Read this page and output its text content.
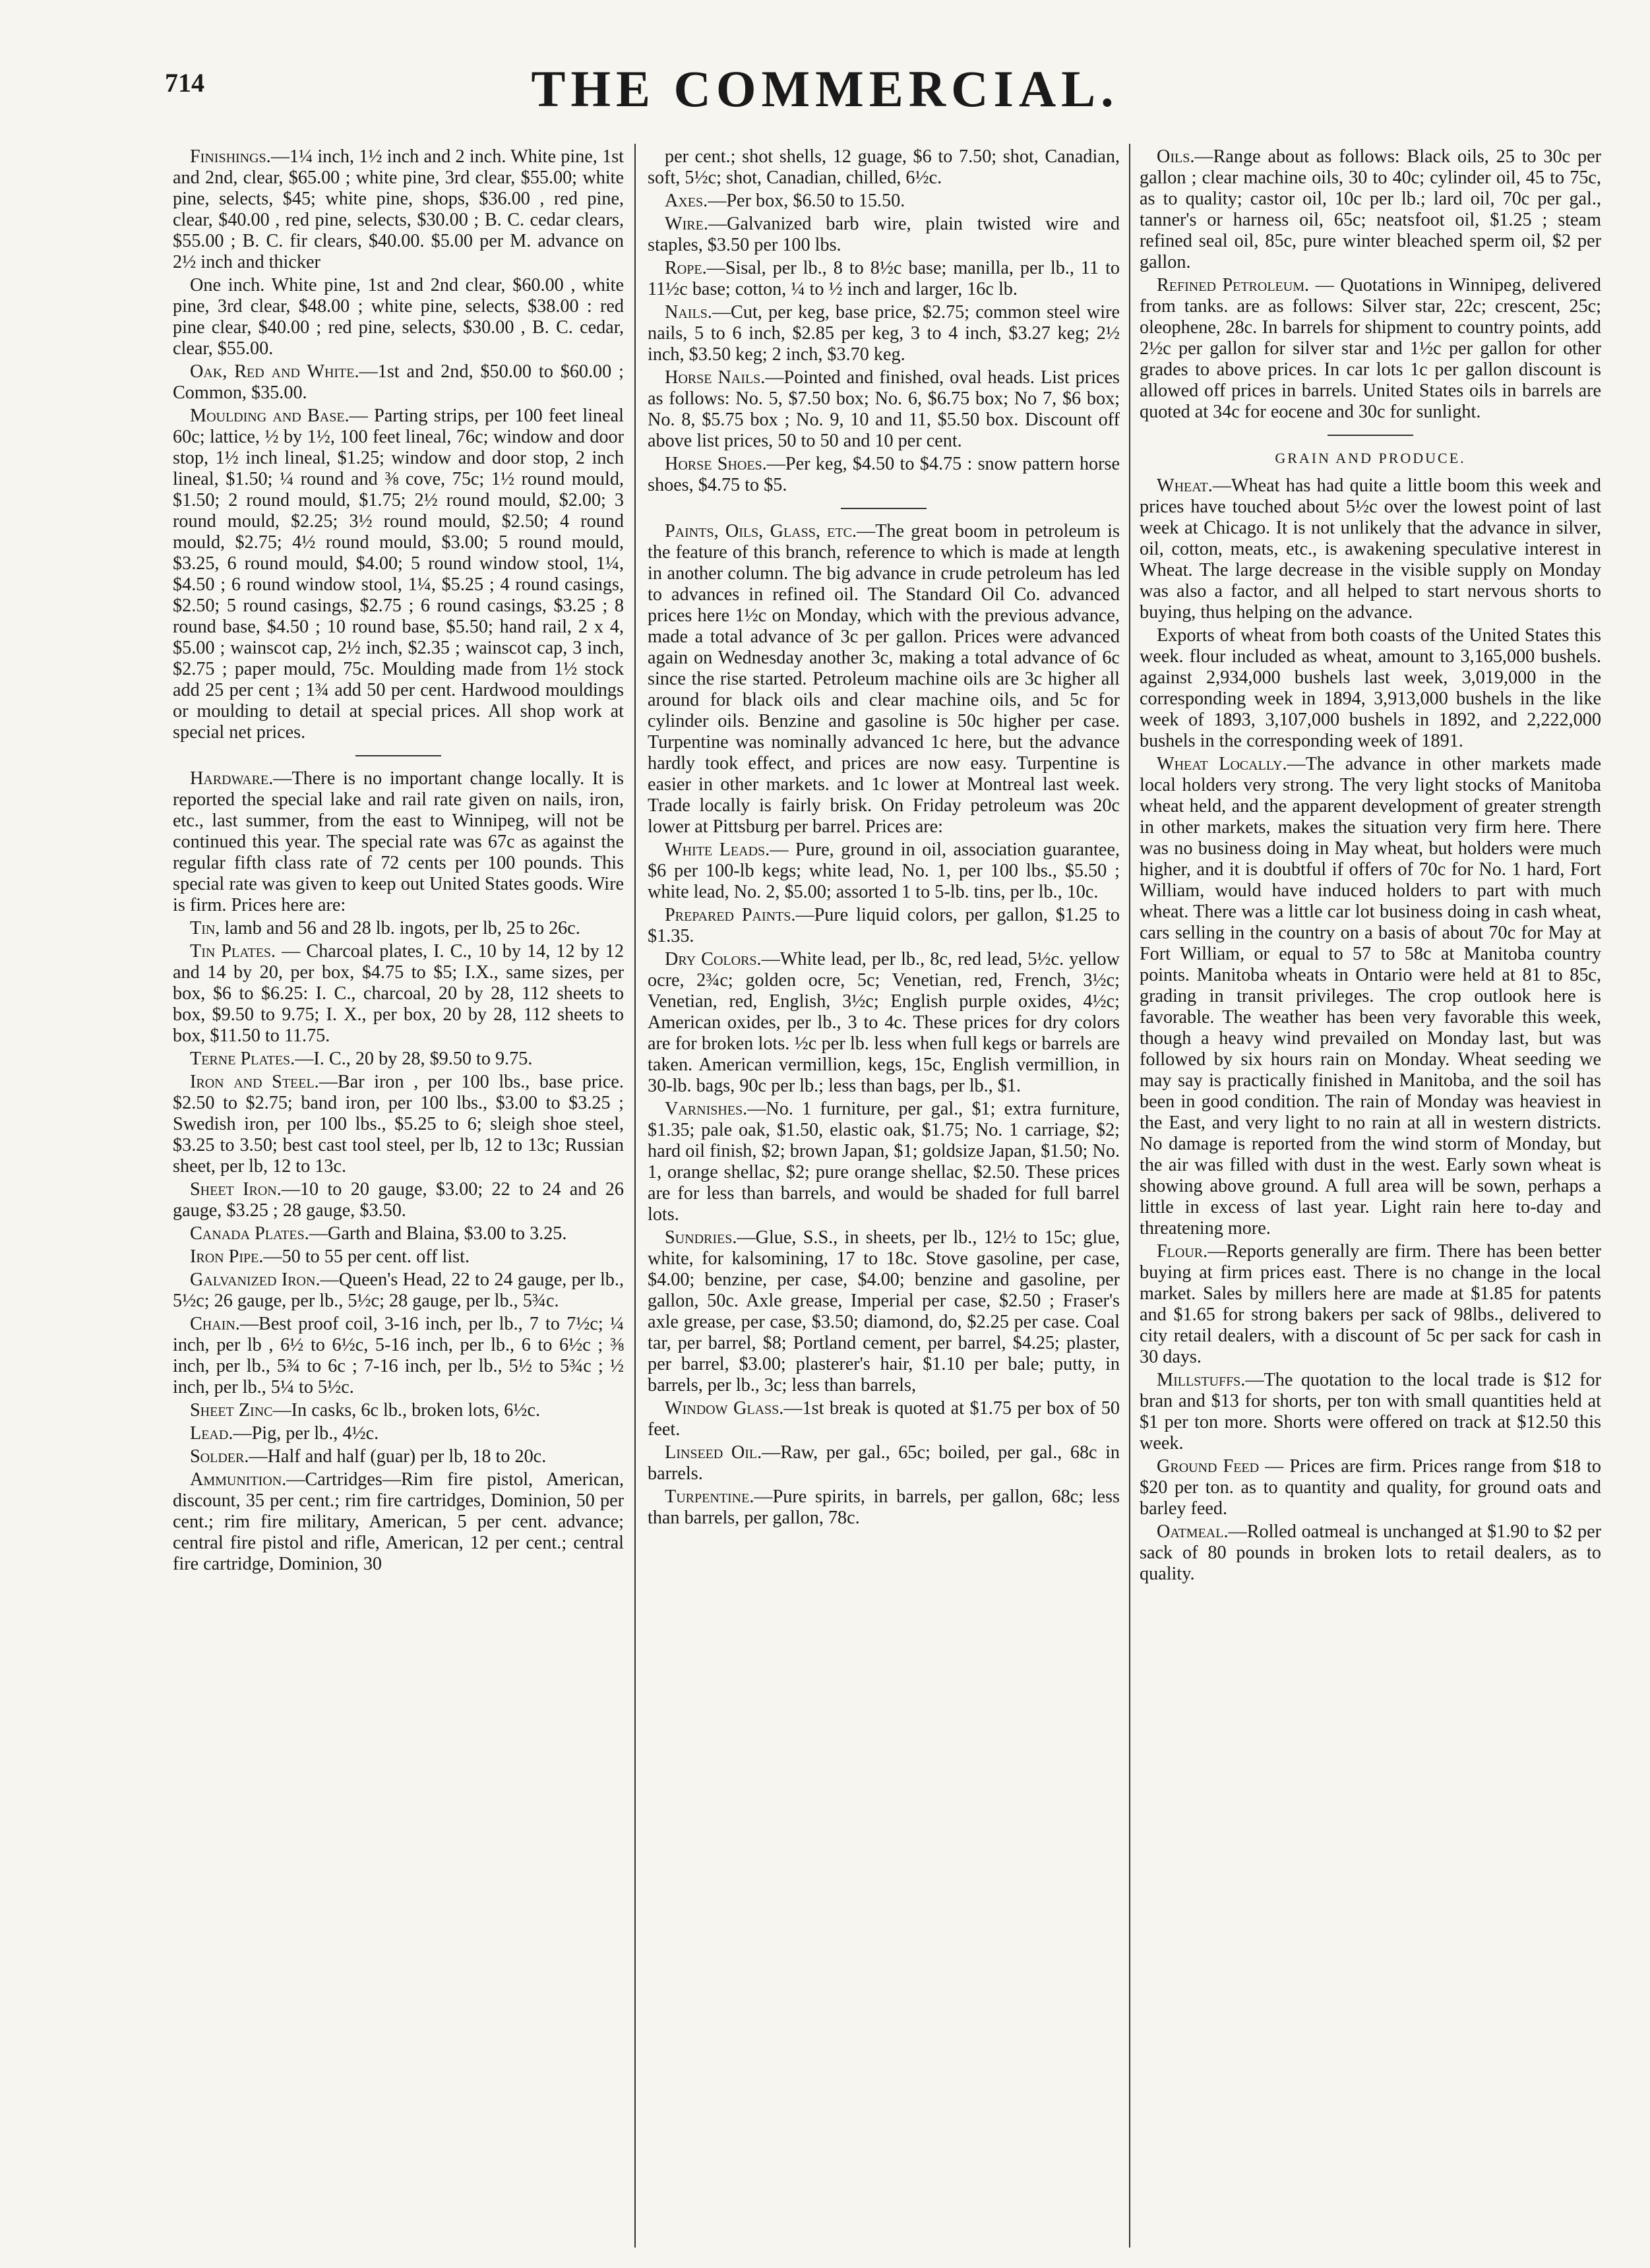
714	THE COMMERCIAL.

Finishings.—1¼ inch, 1½ inch and 2 inch. White pine, 1st and 2nd, clear, $65.00 ; white pine, 3rd clear, $55.00; white pine, selects, $45; white pine, shops, $36.00 , red pine, clear, $40.00 , red pine, selects, $30.00 ; B. C. cedar clears, $55.00 ; B. C. fir clears, $40.00. $5.00 per M. advance on 2½ inch and thicker

One inch. White pine, 1st and 2nd clear, $60.00 , white pine, 3rd clear, $48.00 ; white pine, selects, $38.00 : red pine clear, $40.00 ; red pine, selects, $30.00 , B. C. cedar, clear, $55.00.

Oak, Red and White.—1st and 2nd, $50.00 to $60.00 ; Common, $35.00.

Moulding and Base.— Parting strips, per 100 feet lineal 60c; lattice, ½ by 1½, 100 feet lineal, 76c; window and door stop, 1½ inch lineal, $1.25; window and door stop, 2 inch lineal, $1.50; ¼ round and ⅜ cove, 75c; 1½ round mould, $1.50; 2 round mould, $1.75; 2½ round mould, $2.00; 3 round mould, $2.25; 3½ round mould, $2.50; 4 round mould, $2.75; 4½ round mould, $3.00; 5 round mould, $3.25, 6 round mould, $4.00; 5 round window stool, 1¼, $4.50 ; 6 round window stool, 1¼, $5.25 ; 4 round casings, $2.50; 5 round casings, $2.75 ; 6 round casings, $3.25 ; 8 round base, $4.50 ; 10 round base, $5.50; hand rail, 2 x 4, $5.00 ; wainscot cap, 2½ inch, $2.35 ; wainscot cap, 3 inch, $2.75 ; paper mould, 75c. Moulding made from 1½ stock add 25 per cent ; 1¾ add 50 per cent. Hardwood mouldings or moulding to detail at special prices. All shop work at special net prices.

Hardware.—There is no important change locally. It is reported the special lake and rail rate given on nails, iron, etc., last summer, from the east to Winnipeg, will not be continued this year. The special rate was 67c as against the regular fifth class rate of 72 cents per 100 pounds. This special rate was given to keep out United States goods. Wire is firm. Prices here are:

Tin, lamb and 56 and 28 lb. ingots, per lb, 25 to 26c.

Tin Plates. — Charcoal plates, I. C., 10 by 14, 12 by 12 and 14 by 20, per box, $4.75 to $5; I.X., same sizes, per box, $6 to $6.25: I. C., charcoal, 20 by 28, 112 sheets to box, $9.50 to 9.75; I. X., per box, 20 by 28, 112 sheets to box, $11.50 to 11.75.

Terne Plates.—I. C., 20 by 28, $9.50 to 9.75.

Iron and Steel.—Bar iron , per 100 lbs., base price. $2.50 to $2.75; band iron, per 100 lbs., $3.00 to $3.25 ; Swedish iron, per 100 lbs., $5.25 to 6; sleigh shoe steel, $3.25 to 3.50; best cast tool steel, per lb, 12 to 13c; Russian sheet, per lb, 12 to 13c.

Sheet Iron.—10 to 20 gauge, $3.00; 22 to 24 and 26 gauge, $3.25 ; 28 gauge, $3.50.

Canada Plates.—Garth and Blaina, $3.00 to 3.25.

Iron Pipe.—50 to 55 per cent. off list.

Galvanized Iron.—Queen's Head, 22 to 24 gauge, per lb., 5½c; 26 gauge, per lb., 5½c; 28 gauge, per lb., 5¾c.

Chain.—Best proof coil, 3-16 inch, per lb., 7 to 7½c; ¼ inch, per lb , 6½ to 6½c, 5-16 inch, per lb., 6 to 6½c ; ⅜ inch, per lb., 5¾ to 6c ; 7-16 inch, per lb., 5½ to 5¾c ; ½ inch, per lb., 5¼ to 5½c.

Sheet Zinc—In casks, 6c lb., broken lots, 6½c.

Lead.—Pig, per lb., 4½c.

Solder.—Half and half (guar) per lb, 18 to 20c.

Ammunition.—Cartridges—Rim fire pistol, American, discount, 35 per cent.; rim fire cartridges, Dominion, 50 per cent.; rim fire military, American, 5 per cent. advance; central fire pistol and rifle, American, 12 per cent.; central fire cartridge, Dominion, 30

per cent.; shot shells, 12 guage, $6 to 7.50; shot, Canadian, soft, 5½c; shot, Canadian, chilled, 6½c.

Axes.—Per box, $6.50 to 15.50.

Wire.—Galvanized barb wire, plain twisted wire and staples, $3.50 per 100 lbs.

Rope.—Sisal, per lb., 8 to 8½c base; manilla, per lb., 11 to 11½c base; cotton, ¼ to ½ inch and larger, 16c lb.

Nails.—Cut, per keg, base price, $2.75; common steel wire nails, 5 to 6 inch, $2.85 per keg, 3 to 4 inch, $3.27 keg; 2½ inch, $3.50 keg; 2 inch, $3.70 keg.

Horse Nails.—Pointed and finished, oval heads. List prices as follows: No. 5, $7.50 box; No. 6, $6.75 box; No 7, $6 box; No. 8, $5.75 box ; No. 9, 10 and 11, $5.50 box. Discount off above list prices, 50 to 50 and 10 per cent.

Horse Shoes.—Per keg, $4.50 to $4.75 : snow pattern horse shoes, $4.75 to $5.

Paints, Oils, Glass, etc.—The great boom in petroleum is the feature of this branch, reference to which is made at length in another column. The big advance in crude petroleum has led to advances in refined oil. The Standard Oil Co. advanced prices here 1½c on Monday, which with the previous advance, made a total advance of 3c per gallon. Prices were advanced again on Wednesday another 3c, making a total advance of 6c since the rise started. Petroleum machine oils are 3c higher all around for black oils and clear machine oils, and 5c for cylinder oils. Benzine and gasoline is 50c higher per case. Turpentine was nominally advanced 1c here, but the advance hardly took effect, and prices are now easy. Turpentine is easier in other markets. and 1c lower at Montreal last week. Trade locally is fairly brisk. On Friday petroleum was 20c lower at Pittsburg per barrel. Prices are:

White Leads.— Pure, ground in oil, association guarantee, $6 per 100-lb kegs; white lead, No. 1, per 100 lbs., $5.50 ; white lead, No. 2, $5.00; assorted 1 to 5-lb. tins, per lb., 10c.

Prepared Paints.—Pure liquid colors, per gallon, $1.25 to $1.35.

Dry Colors.—White lead, per lb., 8c, red lead, 5½c. yellow ocre, 2¾c; golden ocre, 5c; Venetian, red, French, 3½c; Venetian, red, English, 3½c; English purple oxides, 4½c; American oxides, per lb., 3 to 4c. These prices for dry colors are for broken lots. ½c per lb. less when full kegs or barrels are taken. American vermillion, kegs, 15c, English vermillion, in 30-lb. bags, 90c per lb.; less than bags, per lb., $1.

Varnishes.—No. 1 furniture, per gal., $1; extra furniture, $1.35; pale oak, $1.50, elastic oak, $1.75; No. 1 carriage, $2; hard oil finish, $2; brown Japan, $1; goldsize Japan, $1.50; No. 1, orange shellac, $2; pure orange shellac, $2.50. These prices are for less than barrels, and would be shaded for full barrel lots.

Sundries.—Glue, S.S., in sheets, per lb., 12½ to 15c; glue, white, for kalsomining, 17 to 18c. Stove gasoline, per case, $4.00; benzine, per case, $4.00; benzine and gasoline, per gallon, 50c. Axle grease, Imperial per case, $2.50 ; Fraser's axle grease, per case, $3.50; diamond, do, $2.25 per case. Coal tar, per barrel, $8; Portland cement, per barrel, $4.25; plaster, per barrel, $3.00; plasterer's hair, $1.10 per bale; putty, in barrels, per lb., 3c; less than barrels,

Window Glass.—1st break is quoted at $1.75 per box of 50 feet.

Linseed Oil.—Raw, per gal., 65c; boiled, per gal., 68c in barrels.

Turpentine.—Pure spirits, in barrels, per gallon, 68c; less than barrels, per gallon, 78c.

Oils.—Range about as follows: Black oils, 25 to 30c per gallon ; clear machine oils, 30 to 40c; cylinder oil, 45 to 75c, as to quality; castor oil, 10c per lb.; lard oil, 70c per gal., tanner's or harness oil, 65c; neatsfoot oil, $1.25 ; steam refined seal oil, 85c, pure winter bleached sperm oil, $2 per gallon.

Refined Petroleum. — Quotations in Winnipeg, delivered from tanks. are as follows: Silver star, 22c; crescent, 25c; oleophene, 28c. In barrels for shipment to country points, add 2½c per gallon for silver star and 1½c per gallon for other grades to above prices. In car lots 1c per gallon discount is allowed off prices in barrels. United States oils in barrels are quoted at 34c for eocene and 30c for sunlight.

GRAIN AND PRODUCE.

Wheat.—Wheat has had quite a little boom this week and prices have touched about 5½c over the lowest point of last week at Chicago. It is not unlikely that the advance in silver, oil, cotton, meats, etc., is awakening speculative interest in Wheat. The large decrease in the visible supply on Monday was also a factor, and all helped to start nervous shorts to buying, thus helping on the advance.

Exports of wheat from both coasts of the United States this week. flour included as wheat, amount to 3,165,000 bushels. against 2,934,000 bushels last week, 3,019,000 in the corresponding week in 1894, 3,913,000 bushels in the like week of 1893, 3,107,000 bushels in 1892, and 2,222,000 bushels in the corresponding week of 1891.

Wheat Locally.—The advance in other markets made local holders very strong. The very light stocks of Manitoba wheat held, and the apparent development of greater strength in other markets, makes the situation very firm here. There was no business doing in May wheat, but holders were much higher, and it is doubtful if offers of 70c for No. 1 hard, Fort William, would have induced holders to part with much wheat. There was a little car lot business doing in cash wheat, cars selling in the country on a basis of about 70c for May at Fort William, or equal to 57 to 58c at Manitoba country points. Manitoba wheats in Ontario were held at 81 to 85c, grading in transit privileges. The crop outlook here is favorable. The weather has been very favorable this week, though a heavy wind prevailed on Monday last, but was followed by six hours rain on Monday. Wheat seeding we may say is practically finished in Manitoba, and the soil has been in good condition. The rain of Monday was heaviest in the East, and very light to no rain at all in western districts. No damage is reported from the wind storm of Monday, but the air was filled with dust in the west. Early sown wheat is showing above ground. A full area will be sown, perhaps a little in excess of last year. Light rain here to-day and threatening more.

Flour.—Reports generally are firm. There has been better buying at firm prices east. There is no change in the local market. Sales by millers here are made at $1.85 for patents and $1.65 for strong bakers per sack of 98lbs., delivered to city retail dealers, with a discount of 5c per sack for cash in 30 days.

Millstuffs.—The quotation to the local trade is $12 for bran and $13 for shorts, per ton with small quantities held at $1 per ton more. Shorts were offered on track at $12.50 this week.

Ground Feed — Prices are firm. Prices range from $18 to $20 per ton. as to quantity and quality, for ground oats and barley feed.

Oatmeal.—Rolled oatmeal is unchanged at $1.90 to $2 per sack of 80 pounds in broken lots to retail dealers, as to quality.
